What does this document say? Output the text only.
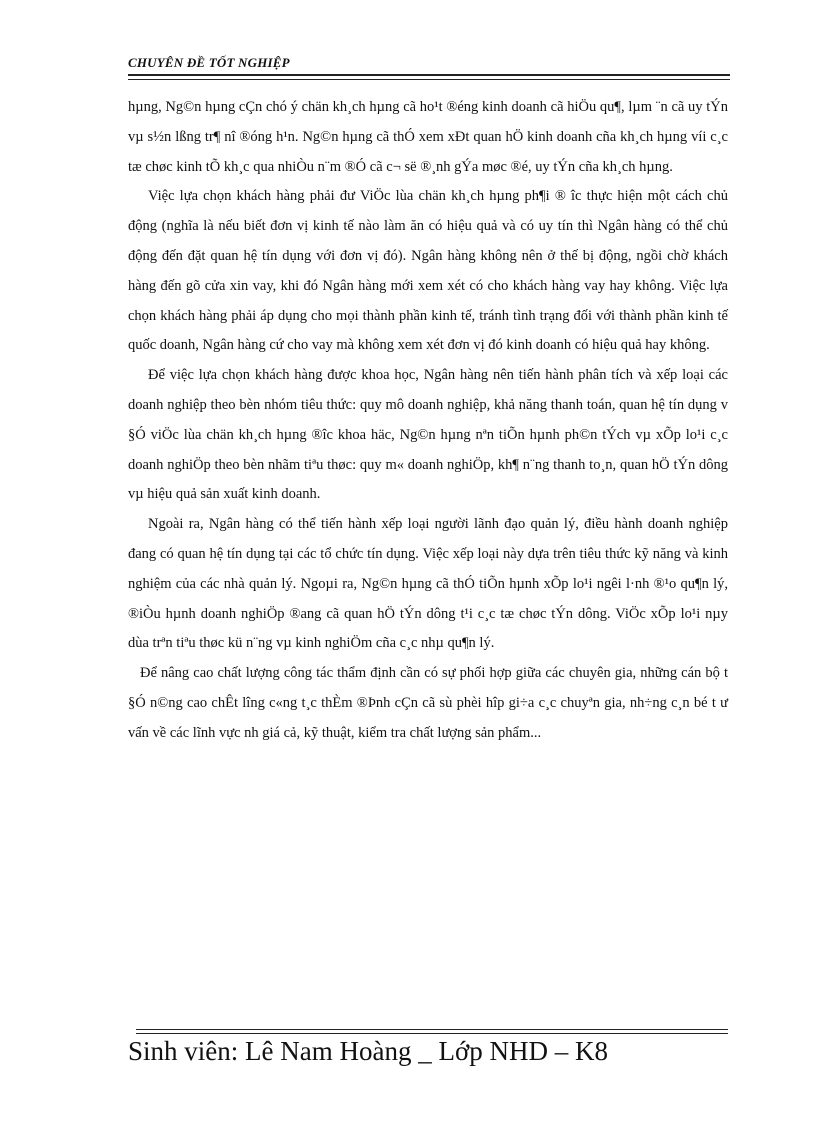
CHUYÊN ĐỀ TỐT NGHIỆP

hµng, Ng©n hµng cÇn chó ý chän kh¸ch hµng cã ho¹t ®éng kinh doanh cã hiÖu qu¶, lµm ¨n cã uy tÝn vµ s½n lßng tr¶ nî ®óng h¹n. Ng©n hµng cã thÓ xem xÐt quan hÖ kinh doanh cña kh¸ch hµng víi c¸c tæ chøc kinh tÕ kh¸c qua nhiÒu n¨m ®Ó cã c¬ së ®¸nh gÝa møc ®é, uy tÝn cña kh¸ch hµng.

Việc lựa chọn khách hàng phải đư ViÖc lùa chän kh¸ch hµng ph¶i ® îc thực hiện một cách chủ động (nghĩa là nếu biết đơn vị kinh tế nào làm ăn có hiệu quả và có uy tín thì Ngân hàng có thể chủ động đến đặt quan hệ tín dụng với đơn vị đó). Ngân hàng không nên ở thế bị động, ngồi chờ khách hàng đến gõ cửa xin vay, khi đó Ngân hàng mới xem xét có cho khách hàng vay hay không. Việc lựa chọn khách hàng phải áp dụng cho mọi thành phần kinh tế, tránh tình trạng đối với thành phần kinh tế quốc doanh, Ngân hàng cứ cho vay mà không xem xét đơn vị đó kinh doanh có hiệu quả hay không.

Để việc lựa chọn khách hàng được khoa học, Ngân hàng nên tiến hành phân tích và xếp loại các doanh nghiệp theo bèn nhóm tiêu thức: quy mô doanh nghiệp, khả năng thanh toán, quan hệ tín dụng v §Ó viÖc lùa chän kh¸ch hµng ®îc khoa häc, Ng©n hµng nªn tiÕn hµnh ph©n tÝch vµ xÕp lo¹i c¸c doanh nghiÖp theo bèn nhãm tiªu thøc: quy m« doanh nghiÖp, kh¶ n¨ng thanh to¸n, quan hÖ tÝn dông vµ hiệu quả sản xuất kinh doanh.

Ngoài ra, Ngân hàng có thể tiến hành xếp loại người lãnh đạo quản lý, điều hành doanh nghiệp đang có quan hệ tín dụng tại các tổ chức tín dụng. Việc xếp loại này dựa trên tiêu thức kỹ năng và kinh nghiệm của các nhà quản lý. Ngoµi ra, Ng©n hµng cã thÓ tiÕn hµnh xÕp lo¹i ngêi l·nh ®¹o qu¶n lý, ®iÒu hµnh doanh nghiÖp ®ang cã quan hÖ tÝn dông t¹i c¸c tæ chøc tÝn dông. ViÖc xÕp lo¹i nµy dùa trªn tiªu thøc kü n¨ng vµ kinh nghiÖm cña c¸c nhµ qu¶n lý.

Để nâng cao chất lượng công tác thẩm định cần có sự phối hợp giữa các chuyên gia, những cán bộ t §Ó n©ng cao chÊt lîng c«ng t¸c thÈm ®Þnh cÇn cã sù phèi hîp gi÷a c¸c chuyªn gia, nh÷ng c¸n bé t ư vấn về các lĩnh vực nh giá cả, kỹ thuật, kiểm tra chất lượng sản phẩm...

Sinh viên: Lê Nam Hoàng _ Lớp NHD – K8
